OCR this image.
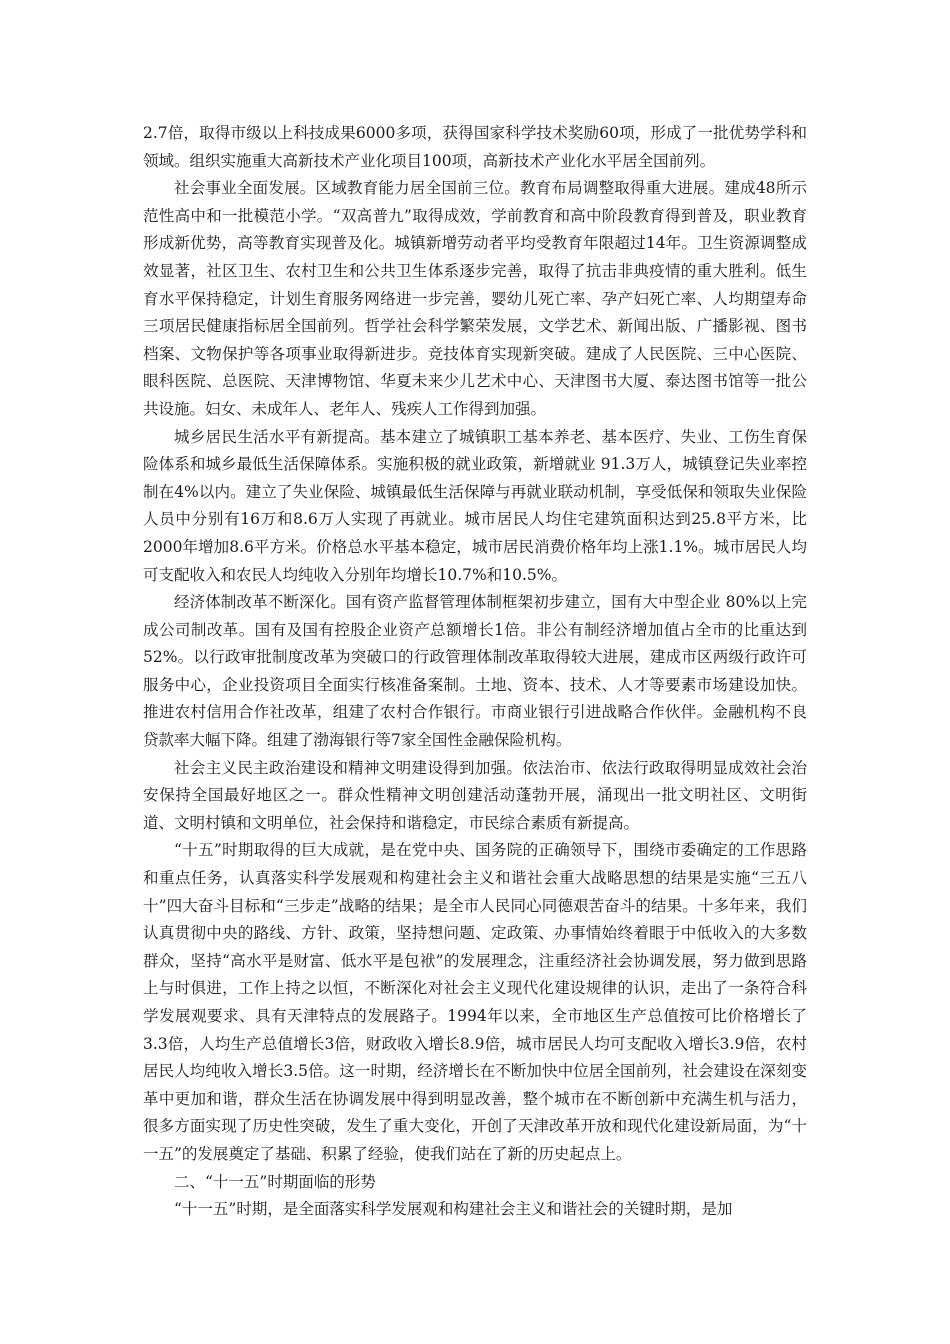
2.7倍，取得市级以上科技成果6000多项，获得国家科学技术奖励60项，形成了一批优势学科和领域。组织实施重大高新技术产业化项目100项，高新技术产业化水平居全国前列。

社会事业全面发展。区域教育能力居全国前三位。教育布局调整取得重大进展。建成48所示范性高中和一批模范小学。“双高普九”取得成效，学前教育和高中阶段教育得到普及，职业教育形成新优势，高等教育实现普及化。城镇新增劳动者平均受教育年限超过14年。卫生资源调整成效显著，社区卫生、农村卫生和公共卫生体系逐步完善，取得了抗击非典疫情的重大胜利。低生育水平保持稳定，计划生育服务网络进一步完善，婴幼儿死亡率、孕产妇死亡率、人均期望寿命三项居民健康指标居全国前列。哲学社会科学繁荣发展，文学艺术、新闻出版、广播影视、图书档案、文物保护等各项事业取得新进步。竞技体育实现新突破。建成了人民医院、三中心医院、眼科医院、总医院、天津博物馆、华夏未来少儿艺术中心、天津图书大厦、泰达图书馆等一批公共设施。妇女、未成年人、老年人、残疾人工作得到加强。

城乡居民生活水平有新提高。基本建立了城镇职工基本养老、基本医疗、失业、工伤生育保险体系和城乡最低生活保障体系。实施积极的就业政策，新增就业 91.3万人，城镇登记失业率控制在4%以内。建立了失业保险、城镇最低生活保障与再就业联动机制，享受低保和领取失业保险人员中分别有16万和8.6万人实现了再就业。城市居民人均住宅建筑面积达到25.8平方米，比2000年增加8.6平方米。价格总水平基本稳定，城市居民消费价格年均上涨1.1%。城市居民人均可支配收入和农民人均纯收入分别年均增长10.7%和10.5%。

经济体制改革不断深化。国有资产监督管理体制框架初步建立，国有大中型企业 80%以上完成公司制改革。国有及国有控股企业资产总额增长1倍。非公有制经济增加值占全市的比重达到52%。以行政审批制度改革为突破口的行政管理体制改革取得较大进展，建成市区两级行政许可服务中心，企业投资项目全面实行核准备案制。土地、资本、技术、人才等要素市场建设加快。推进农村信用合作社改革，组建了农村合作银行。市商业银行引进战略合作伙伴。金融机构不良贷款率大幅下降。组建了渤海银行等7家全国性金融保险机构。

社会主义民主政治建设和精神文明建设得到加强。依法治市、依法行政取得明显成效社会治安保持全国最好地区之一。群众性精神文明创建活动蓬勃开展，涌现出一批文明社区、文明街道、文明村镇和文明单位，社会保持和谐稳定，市民综合素质有新提高。

“十五”时期取得的巨大成就，是在党中央、国务院的正确领导下，围绕市委确定的工作思路和重点任务，认真落实科学发展观和构建社会主义和谐社会重大战略思想的结果是实施“三五八十”四大奋斗目标和“三步走”战略的结果；是全市人民同心同德艰苦奋斗的结果。十多年来，我们认真贯彻中央的路线、方针、政策，坚持想问题、定政策、办事情始终着眼于中低收入的大多数群众，坚持“高水平是财富、低水平是包袱”的发展理念，注重经济社会协调发展，努力做到思路上与时俱进，工作上持之以恒，不断深化对社会主义现代化建设规律的认识，走出了一条符合科学发展观要求、具有天津特点的发展路子。1994年以来，全市地区生产总值按可比价格增长了3.3倍，人均生产总值增长3倍，财政收入增长8.9倍，城市居民人均可支配收入增长3.9倍，农村居民人均纯收入增长3.5倍。这一时期，经济增长在不断加快中位居全国前列，社会建设在深刻变革中更加和谐，群众生活在协调发展中得到明显改善，整个城市在不断创新中充满生机与活力，很多方面实现了历史性突破，发生了重大变化，开创了天津改革开放和现代化建设新局面，为“十一五”的发展奠定了基础、积累了经验，使我们站在了新的历史起点上。

二、“十一五”时期面临的形势

“十一五”时期，是全面落实科学发展观和构建社会主义和谐社会的关键时期，是加
